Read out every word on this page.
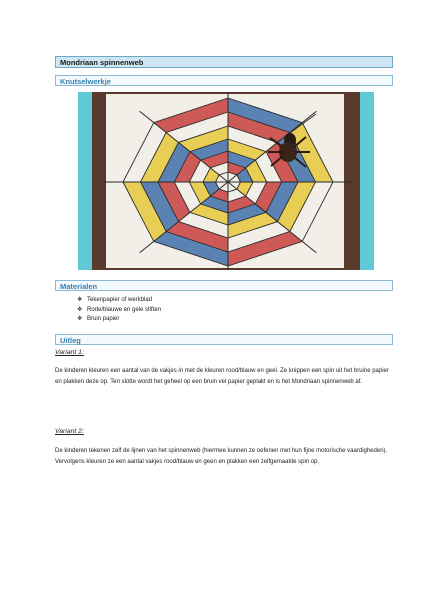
Mondriaan spinnenweb
Knutselwerkje
Materialen
❖ Tekenpapier of werkblad
❖ Rode/blauwe en gele stiften
❖ Bruin papier
Uitleg
Variant 1:

De kinderen kleuren een aantal van de vakjes in met de kleuren rood/blauw en geel. Ze knippen een spin uit het bruine papier en plakken deze op. Ten slotte wordt het geheel op een bruin vel papier geplakt en is het Mondriaan spinnenweb af.

Variant 2:

De kinderen tekenen zelf de lijnen van het spinnenweb (hiermee kunnen ze oefenen met hun fijne motorische vaardigheden). Vervolgens kleuren ze een aantal vakjes rood/blauw en geen en plakken een zelfgemaakte spin op.
